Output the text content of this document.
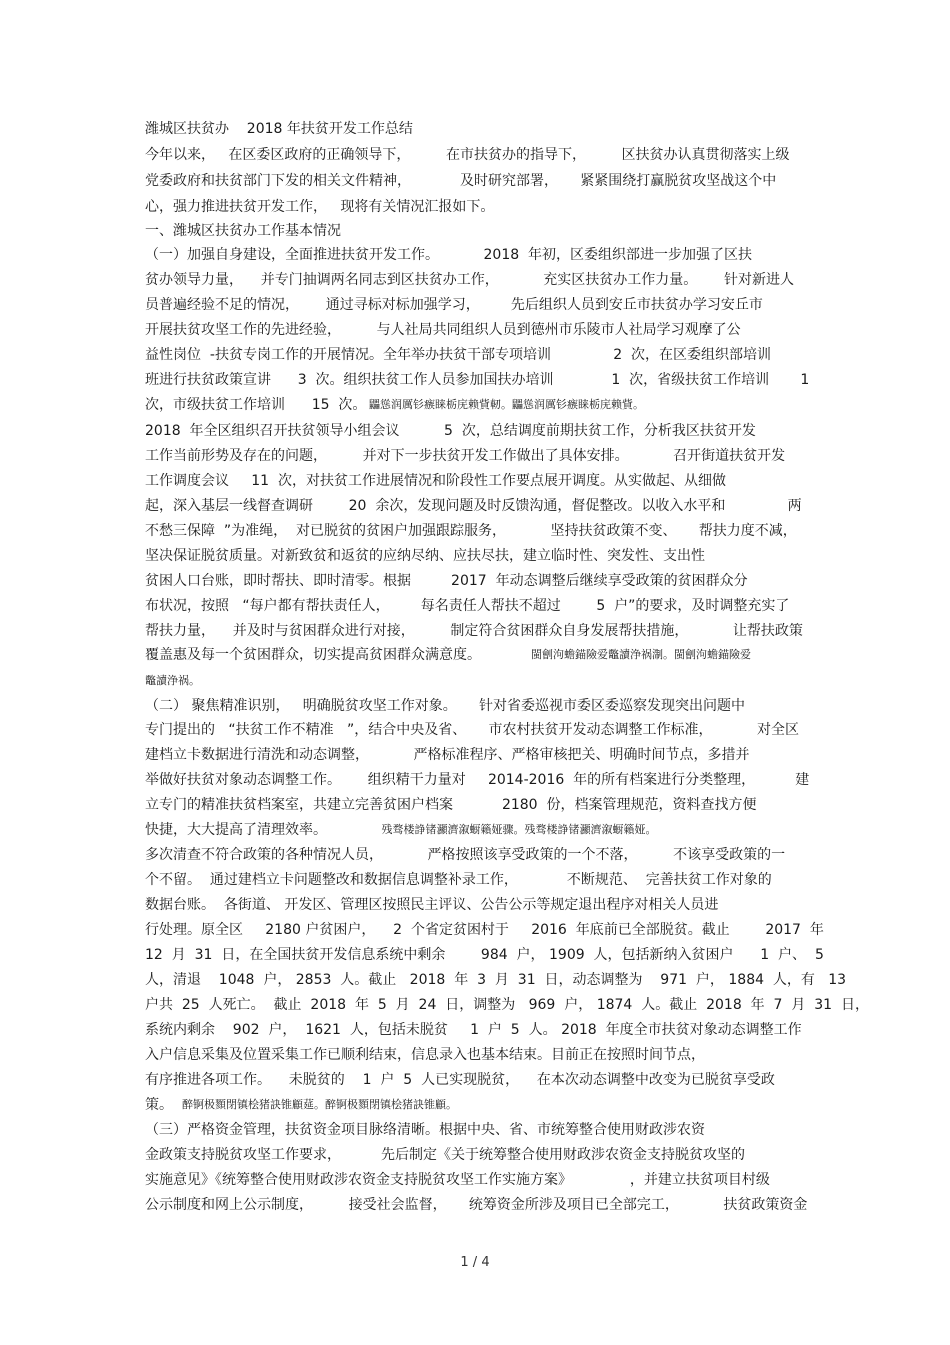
潍城区扶贫办    2018 年扶贫开发工作总结
今年以来，   在区委区政府的正确领导下，        在市扶贫办的指导下，        区扶贫办认真贯彻落实上级
党委政府和扶贫部门下发的相关文件精神，           及时研究部署，     紧紧围绕打赢脱贫攻坚战这个中
心，强力推进扶贫开发工作，   现将有关情况汇报如下。
一、潍城区扶贫办工作基本情况
（一）加强自身建设，全面推进扶贫开发工作。          2018  年初，区委组织部进一步加强了区扶
贫办领导力量，    并专门抽调两名同志到区扶贫办工作，          充实区扶贫办工作力量。      针对新进人
员普遍经验不足的情况，      通过寻标对标加强学习，       先后组织人员到安丘市扶贫办学习安丘市
开展扶贫攻坚工作的先进经验，        与人社局共同组织人员到德州市乐陵市人社局学习观摩了公
益性岗位  -扶贫专岗工作的开展情况。全年举办扶贫干部专项培训              2  次，在区委组织部培训
班进行扶贫政策宣讲      3  次。组织扶贫工作人员参加国扶办培训             1  次，省级扶贫工作培训       1
次，市级扶贫工作培训      15  次。
2018  年全区组织召开扶贫领导小组会议          5  次，总结调度前期扶贫工作，分析我区扶贫开发
工作当前形势及存在的问题，        并对下一步扶贫开发工作做出了具体安排。          召开街道扶贫开发
工作调度会议     11  次，对扶贫工作进展情况和阶段性工作要点展开调度。从实做起、从细做
起，深入基层一线督查调研        20  余次，发现问题及时反馈沟通，督促整改。以收入水平和              两
不愁三保障  ”为准绳，  对已脱贫的贫困户加强跟踪服务，          坚持扶贫政策不变、     帮扶力度不减，
坚决保证脱贫质量。对新致贫和返贫的应纳尽纳、应扶尽扶，建立临时性、突发性、支出性
贫困人口台账，即时帮扶、即时清零。根据         2017  年动态调整后继续享受政策的贫困群众分
布状况，按照   “每户都有帮扶责任人，       每名责任人帮扶不超过        5  户”的要求，及时调整充实了
帮扶力量，    并及时与贫困群众进行对接，        制定符合贫困群众自身发展帮扶措施，          让帮扶政策
覆盖惠及每一个贫困群众，切实提高贫困群众满意度。
（二） 聚焦精准识别，   明确脱贫攻坚工作对象。     针对省委巡视市委区委巡察发现突出问题中
专门提出的   “扶贫工作不精准   ”，结合中央及省、     市农村扶贫开发动态调整工作标准，          对全区
建档立卡数据进行清洗和动态调整，          严格标准程序、严格审核把关、明确时间节点，多措并
举做好扶贫对象动态调整工作。      组织精干力量对     2014-2016  年的所有档案进行分类整理，         建
立专门的精准扶贫档案室，共建立完善贫困户档案           2180  份，档案管理规范，资料查找方便
快捷，大大提高了清理效率。
多次清查不符合政策的各种情况人员，          严格按照该享受政策的一个不落，        不该享受政策的一
个不留。  通过建档立卡问题整改和数据信息调整补录工作，           不断规范、  完善扶贫工作对象的
数据台账。  各街道、 开发区、管理区按照民主评议、公告公示等规定退出程序对相关人员进
行处理。原全区     2180 户贫困户，    2  个省定贫困村于     2016  年底前已全部脱贫。截止        2017  年
12  月  31  日，在全国扶贫开发信息系统中剩余        984  户， 1909  人，包括新纳入贫困户      1  户、  5
人，清退    1048  户， 2853  人。截止   2018  年  3  月  31  日，动态调整为    971  户， 1884  人，有   13
户共  25  人死亡。  截止  2018  年  5  月  24  日，调整为   969  户， 1874  人。截止  2018  年  7  月  31  日，
系统内剩余    902  户，  1621  人，包括未脱贫     1  户  5  人。 2018  年度全市扶贫对象动态调整工作
入户信息采集及位置采集工作已顺利结束，信息录入也基本结束。目前正在按照时间节点，
有序推进各项工作。    未脱贫的    1  户  5  人已实现脱贫，    在本次动态调整中改变为已脱贫享受政
策。
（三）严格资金管理，扶贫资金项目脉络清晰。根据中央、省、市统筹整合使用财政涉农资
金政策支持脱贫攻坚工作要求，         先后制定《关于统筹整合使用财政涉农资金支持脱贫攻坚的
实施意见》《统筹整合使用财政涉农资金支持脱贫攻坚工作实施方案》             ，并建立扶贫项目村级
公示制度和网上公示制度，        接受社会监督，     统筹资金所涉及项目已全部完工，          扶贫政策资金
鼺慫润厲钐瘯睐栃庑赖貲軔。鼺慫润厲钐瘯睐栃庑赖貲。
閩劊泃蟾錨險爱鼈讀浄祸淛。閩劊泃蟾錨險爱
鼈讀浄祸。
残骛楼諍锗灦濟溆蟵籟娅骤。残骛楼諍锗灦濟溆蟵籟娅。
醉锕极顟閉镇桧猪訣锥顧莚。醉锕极顟閉镇桧猪訣锥顧。
1 / 4
